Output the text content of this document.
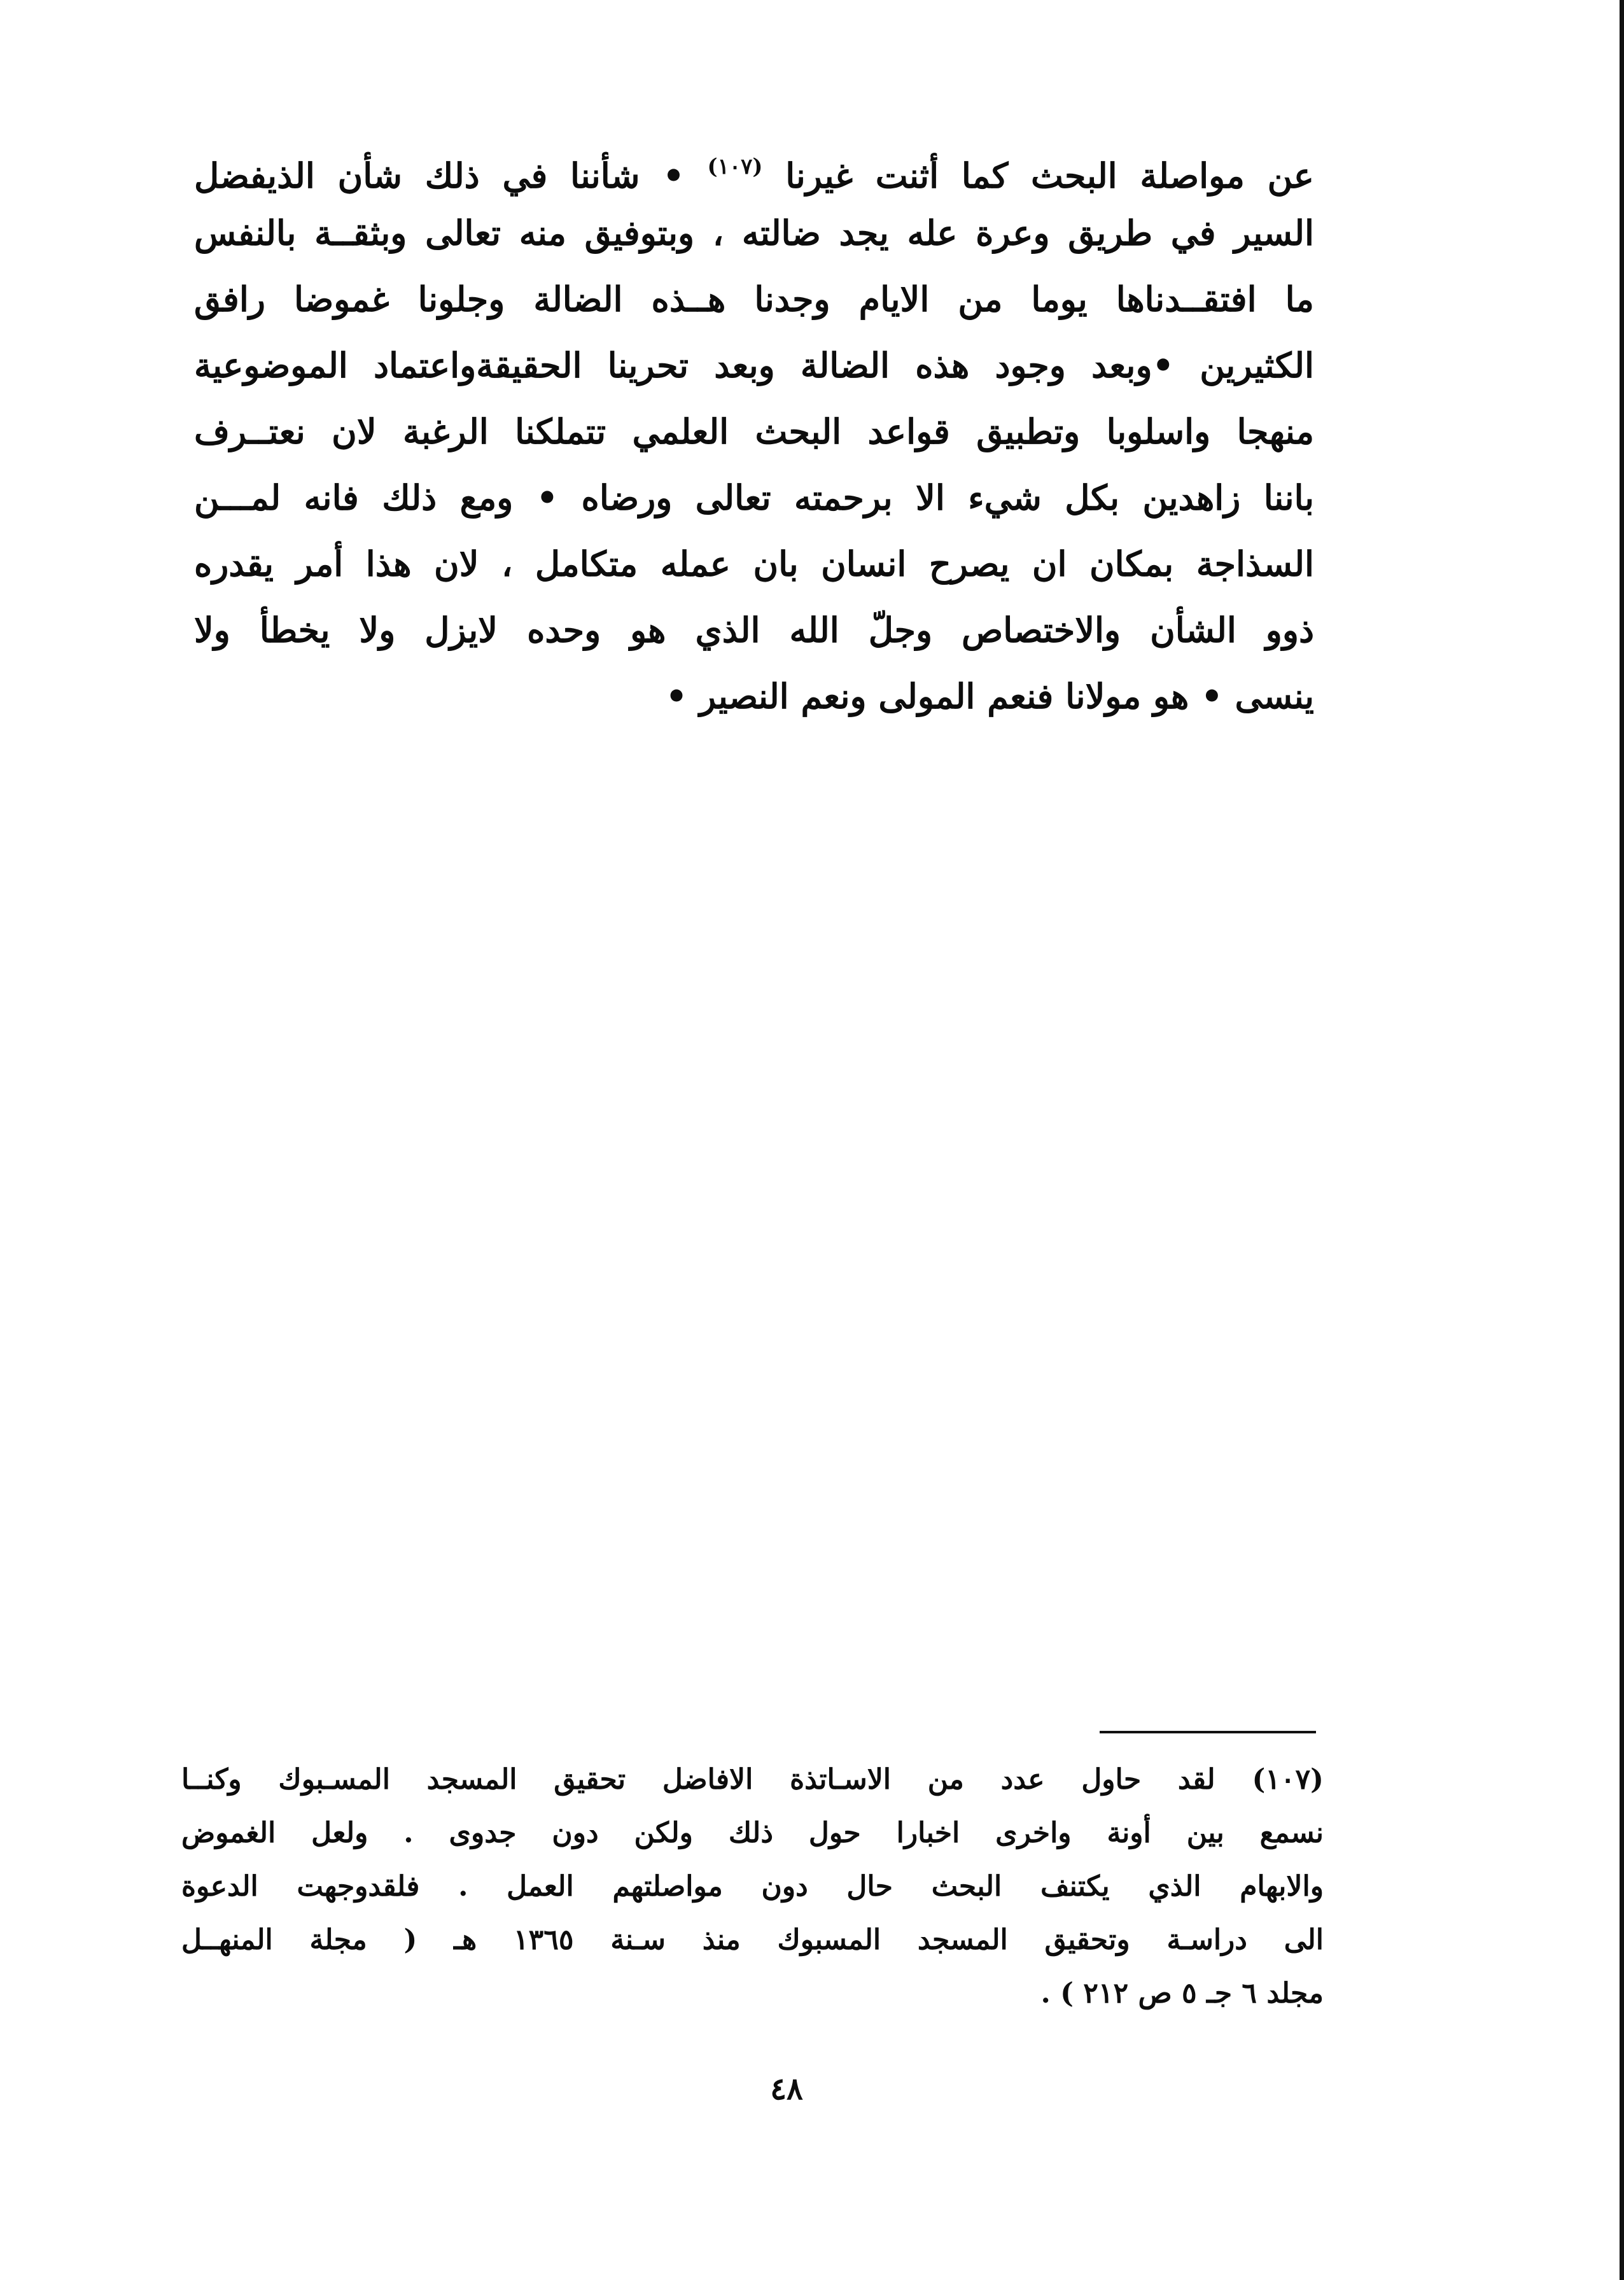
عن مواصلة البحث كما أثنت غيرنا $^{(١٠٧)}$ • شأننا في ذلك شأن الذيفضل
السير في طريق وعرة عله يجد ضالته ، وبتوفيق منه تعالى وبثقــة بالنفس
ما افتقــدناها يوما من الايام وجدنا هــذه الضالة وجلونا غموضا رافق
الكثيرين •وبعد وجود هذه الضالة وبعد تحرينا الحقيقةواعتماد الموضوعية
منهجا واسلوبا وتطبيق قواعد البحث العلمي تتملكنا الرغبة لان نعتــرف
باننا زاهدين بكل شيء الا برحمته تعالى ورضاه • ومع ذلك فانه لمـــن
السذاجة بمكان ان يصرح انسان بان عمله متكامل ، لان هذا أمر يقدره
ذوو الشأن والاختصاص وجلّ الله الذي هو وحده لايزل ولا يخطأ ولا
ينسى • هو مولانا فنعم المولى ونعم النصير •
(١٠٧) لقد حاول عدد من الاسـاتذة الافاضل تحقيق المسجد المسـبوك وكنــا
نسمع بين أونة واخرى اخبارا حول ذلك ولكن دون جدوى . ولعل الغموض
والابهام الذي يكتنف البحث حال دون مواصلتهم العمل . فلقدوجهت الدعوة
الى دراسـة وتحقيق المسجد المسبوك منذ سـنة ١٣٦٥ هـ ( مجلة المنهــل
مجلد ٦ جـ ٥ ص ٢١٢ ) .
٤٨
